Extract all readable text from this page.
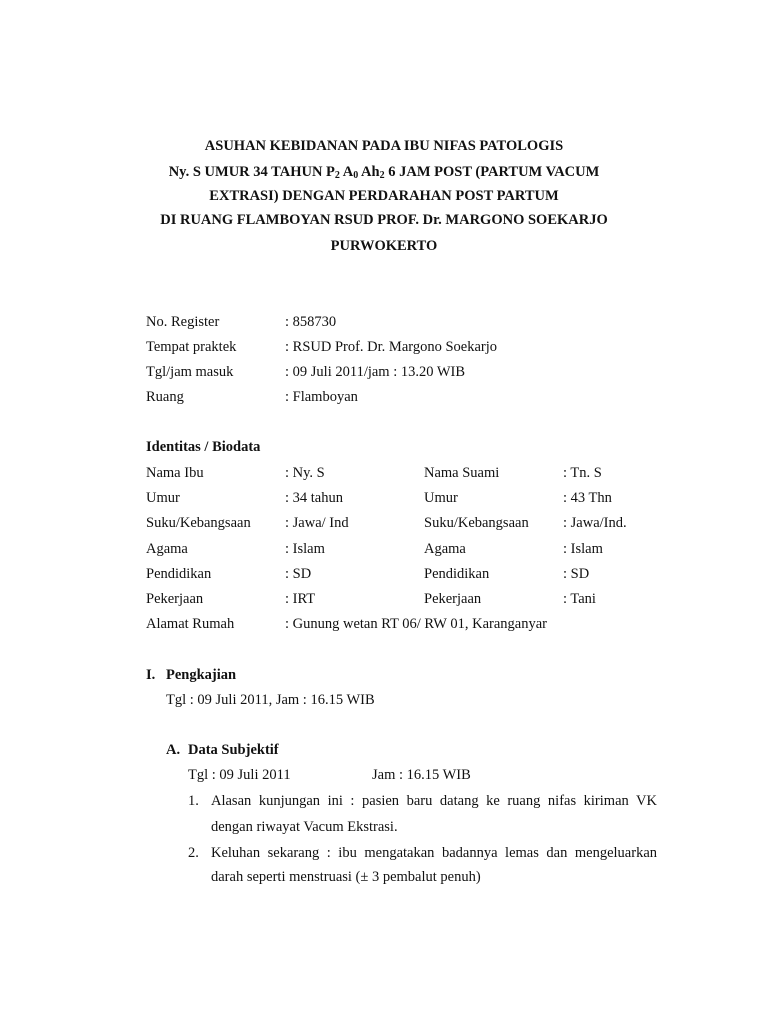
ASUHAN KEBIDANAN PADA IBU NIFAS PATOLOGIS
Ny. S UMUR 34 TAHUN $P_2$ $A_0$ $Ah_2$ 6 JAM POST (PARTUM VACUM
EXTRASI) DENGAN PERDARAHAN POST PARTUM
DI RUANG FLAMBOYAN RSUD PROF. Dr. MARGONO SOEKARJO
PURWOKERTO
No. Register	: 858730
Tempat praktek	: RSUD Prof. Dr. Margono Soekarjo
Tgl/jam masuk	: 09 Juli 2011/jam : 13.20 WIB
Ruang	: Flamboyan
Identitas / Biodata
Nama Ibu	: Ny. S	Nama Suami	: Tn. S
Umur	: 34 tahun	Umur	: 43 Thn
Suku/Kebangsaan : Jawa/ Ind	Suku/Kebangsaan : Jawa/Ind.
Agama	: Islam	Agama	: Islam
Pendidikan	: SD	Pendidikan	: SD
Pekerjaan	: IRT	Pekerjaan	: Tani
Alamat Rumah	: Gunung wetan RT 06/ RW 01, Karanganyar
I. Pengkajian
Tgl : 09 Juli 2011, Jam : 16.15 WIB
A. Data Subjektif
Tgl : 09 Juli 2011	Jam : 16.15 WIB
1. Alasan kunjungan ini : pasien baru datang ke ruang nifas kiriman VK
dengan riwayat Vacum Ekstrasi.
2. Keluhan sekarang : ibu mengatakan badannya lemas dan mengeluarkan
darah seperti menstruasi (± 3 pembalut penuh)
